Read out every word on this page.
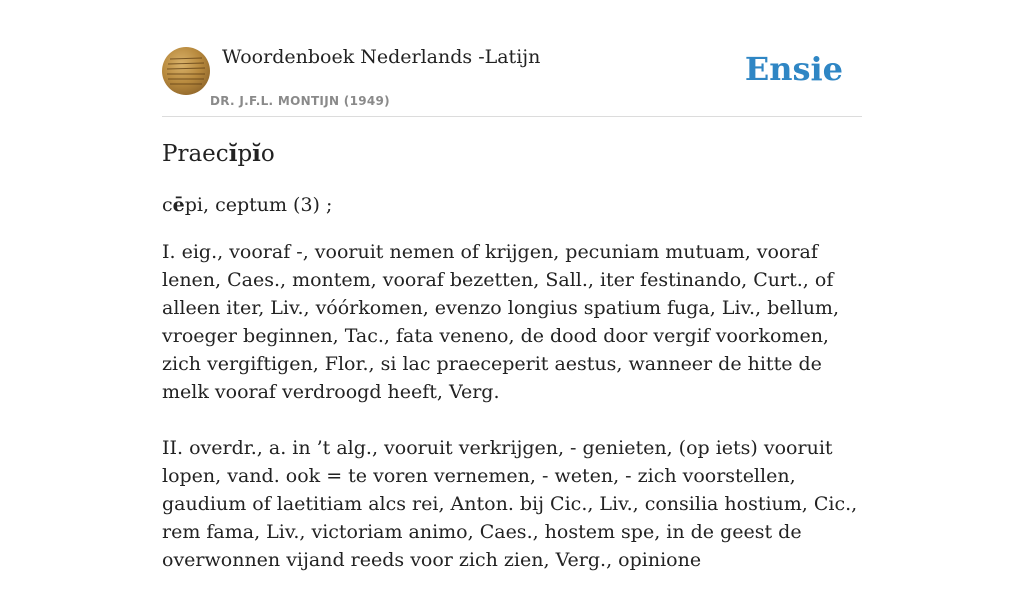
Woordenboek Nederlands -Latijn
DR. J.F.L. MONTIJN (1949)
Ensie
Praecĭpĭo
cēpi, ceptum (3) ;

I. eig., vooraf -, vooruit nemen of krijgen, pecuniam mutuam, vooraf lenen, Caes., montem, vooraf bezetten, Sall., iter festinando, Curt., of alleen iter, Liv., vóórkomen, evenzo longius spatium fuga, Liv., bellum, vroeger beginnen, Tac., fata veneno, de dood door vergif voorkomen, zich vergiftigen, Flor., si lac praeceperit aestus, wanneer de hitte de melk vooraf verdroogd heeft, Verg.

II. overdr., a. in ’t alg., vooruit verkrijgen, - genieten, (op iets) vooruit lopen, vand. ook = te voren vernemen, - weten, - zich voorstellen, gaudium of laetitiam alcs rei, Anton. bij Cic., Liv., consilia hostium, Cic., rem fama, Liv., victoriam animo, Caes., hostem spe, in de geest de overwonnen vijand reeds voor zich zien, Verg., opinione
